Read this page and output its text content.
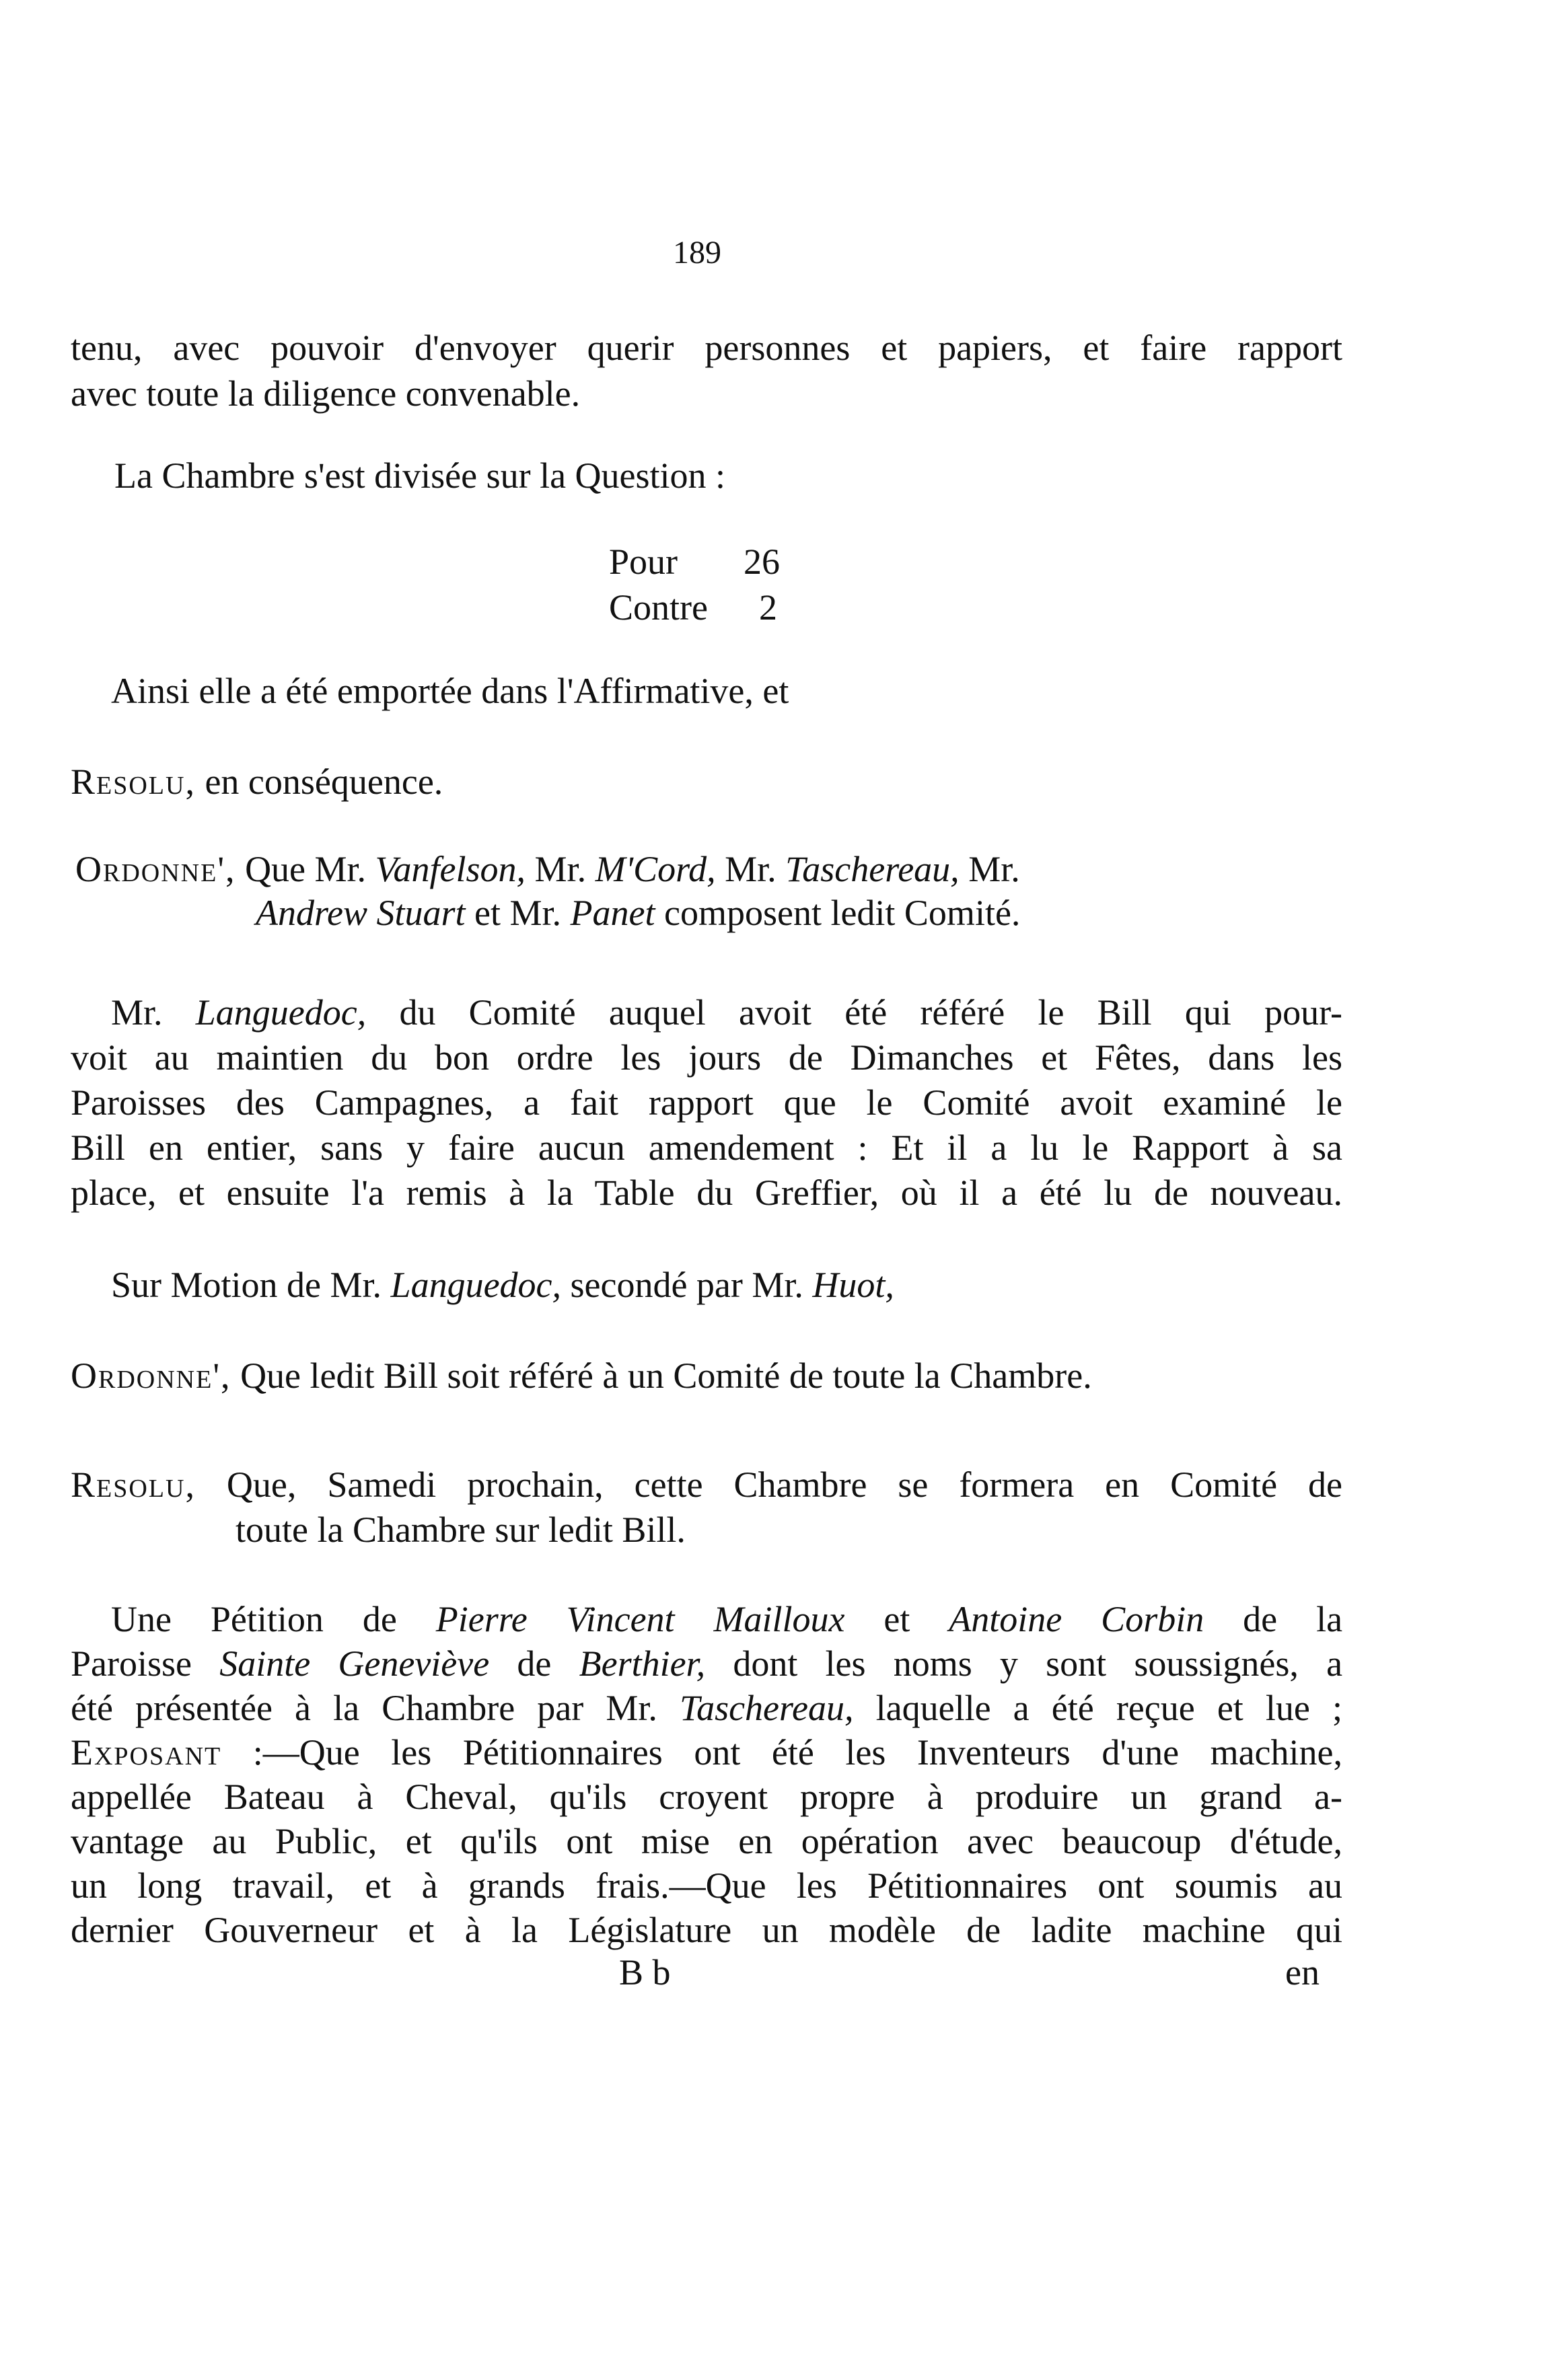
189
tenu, avec pouvoir d'envoyer querir personnes et papiers, et faire rapport
avec toute la diligence convenable.
La Chambre s'est divisée sur la Question :
Pour 26
Contre 2
Ainsi elle a été emportée dans l'Affirmative, et
Resolu, en conséquence.
Ordonne', Que Mr. Vanfelson, Mr. M'Cord, Mr. Taschereau, Mr.
Andrew Stuart et Mr. Panet composent ledit Comité.
Mr. Languedoc, du Comité auquel avoit été référé le Bill qui pour-
voit au maintien du bon ordre les jours de Dimanches et Fêtes, dans les
Paroisses des Campagnes, a fait rapport que le Comité avoit examiné le
Bill en entier, sans y faire aucun amendement : Et il a lu le Rapport à sa
place, et ensuite l'a remis à la Table du Greffier, où il a été lu de nouveau.
Sur Motion de Mr. Languedoc, secondé par Mr. Huot,
Ordonne', Que ledit Bill soit référé à un Comité de toute la Chambre.
Resolu, Que, Samedi prochain, cette Chambre se formera en Comité de
toute la Chambre sur ledit Bill.
Une Pétition de Pierre Vincent Mailloux et Antoine Corbin de la
Paroisse Sainte Geneviève de Berthier, dont les noms y sont soussignés, a
été présentée à la Chambre par Mr. Taschereau, laquelle a été reçue et lue ;
Exposant :—Que les Pétitionnaires ont été les Inventeurs d'une machine,
appellée Bateau à Cheval, qu'ils croyent propre à produire un grand a-
vantage au Public, et qu'ils ont mise en opération avec beaucoup d'étude,
un long travail, et à grands frais.—Que les Pétitionnaires ont soumis au
dernier Gouverneur et à la Législature un modèle de ladite machine qui
B b	en
